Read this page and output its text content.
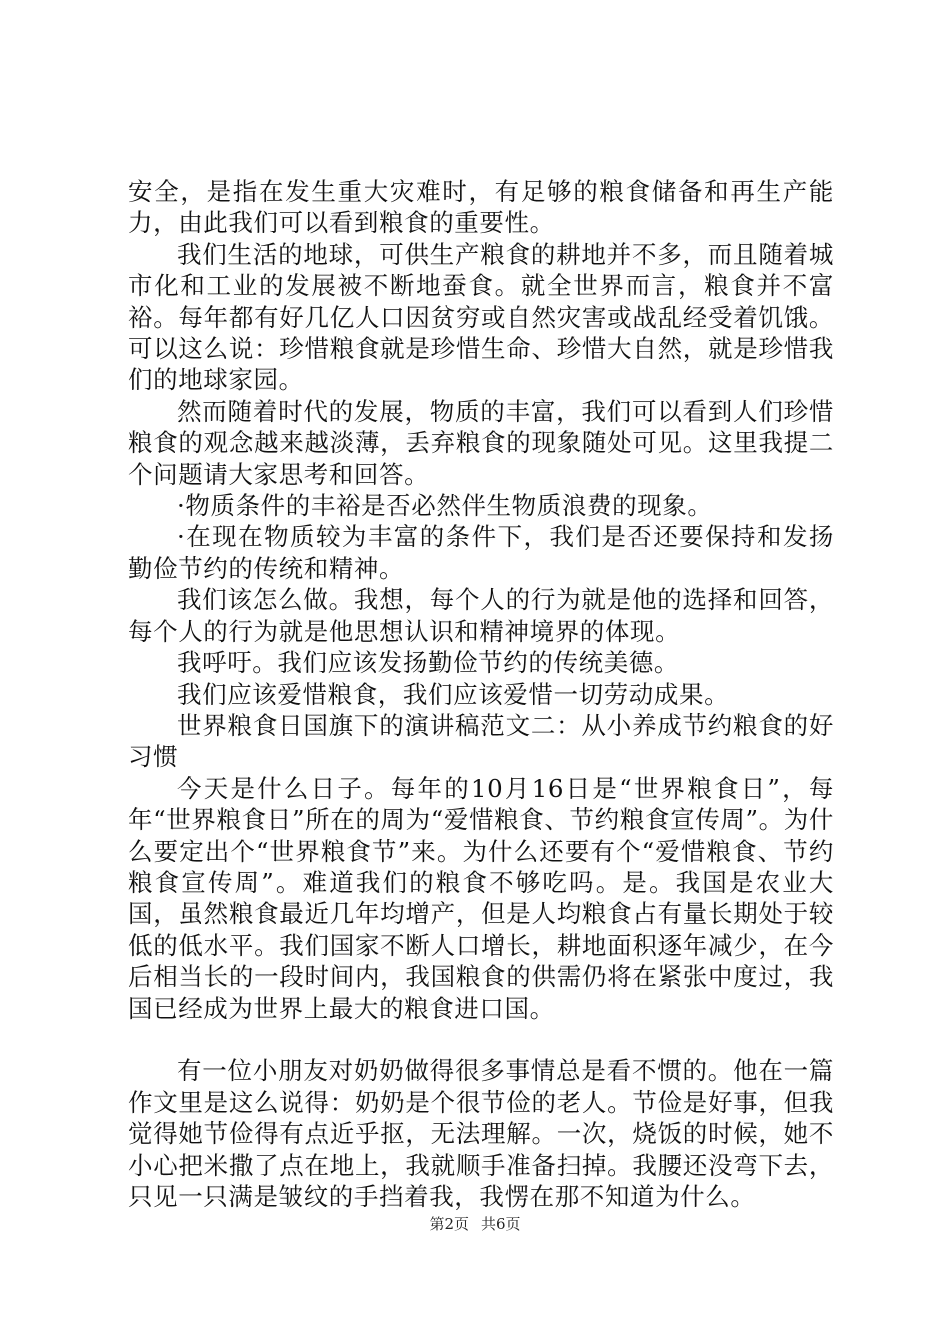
安全，是指在发生重大灾难时，有足够的粮食储备和再生产能力，由此我们可以看到粮食的重要性。

我们生活的地球，可供生产粮食的耕地并不多，而且随着城市化和工业的发展被不断地蚕食。就全世界而言，粮食并不富裕。每年都有好几亿人口因贫穷或自然灾害或战乱经受着饥饿。可以这么说：珍惜粮食就是珍惜生命、珍惜大自然，就是珍惜我们的地球家园。

然而随着时代的发展，物质的丰富，我们可以看到人们珍惜粮食的观念越来越淡薄，丢弃粮食的现象随处可见。这里我提二个问题请大家思考和回答。

·物质条件的丰裕是否必然伴生物质浪费的现象。

·在现在物质较为丰富的条件下，我们是否还要保持和发扬勤俭节约的传统和精神。

我们该怎么做。我想，每个人的行为就是他的选择和回答，每个人的行为就是他思想认识和精神境界的体现。

我呼吁。我们应该发扬勤俭节约的传统美德。

我们应该爱惜粮食，我们应该爱惜一切劳动成果。

世界粮食日国旗下的演讲稿范文二：从小养成节约粮食的好习惯

今天是什么日子。每年的10月16日是“世界粮食日”，每年“世界粮食日”所在的周为“爱惜粮食、节约粮食宣传周”。为什么要定出个“世界粮食节”来。为什么还要有个“爱惜粮食、节约粮食宣传周”。难道我们的粮食不够吃吗。是。我国是农业大国，虽然粮食最近几年均增产，但是人均粮食占有量长期处于较低的低水平。我们国家不断人口增长，耕地面积逐年减少，在今后相当长的一段时间内，我国粮食的供需仍将在紧张中度过，我国已经成为世界上最大的粮食进口国。

有一位小朋友对奶奶做得很多事情总是看不惯的。他在一篇作文里是这么说得：奶奶是个很节俭的老人。节俭是好事，但我觉得她节俭得有点近乎抠，无法理解。一次，烧饭的时候，她不小心把米撒了点在地上，我就顺手准备扫掉。我腰还没弯下去，只见一只满是皱纹的手挡着我，我愣在那不知道为什么。

第2页 共6页
